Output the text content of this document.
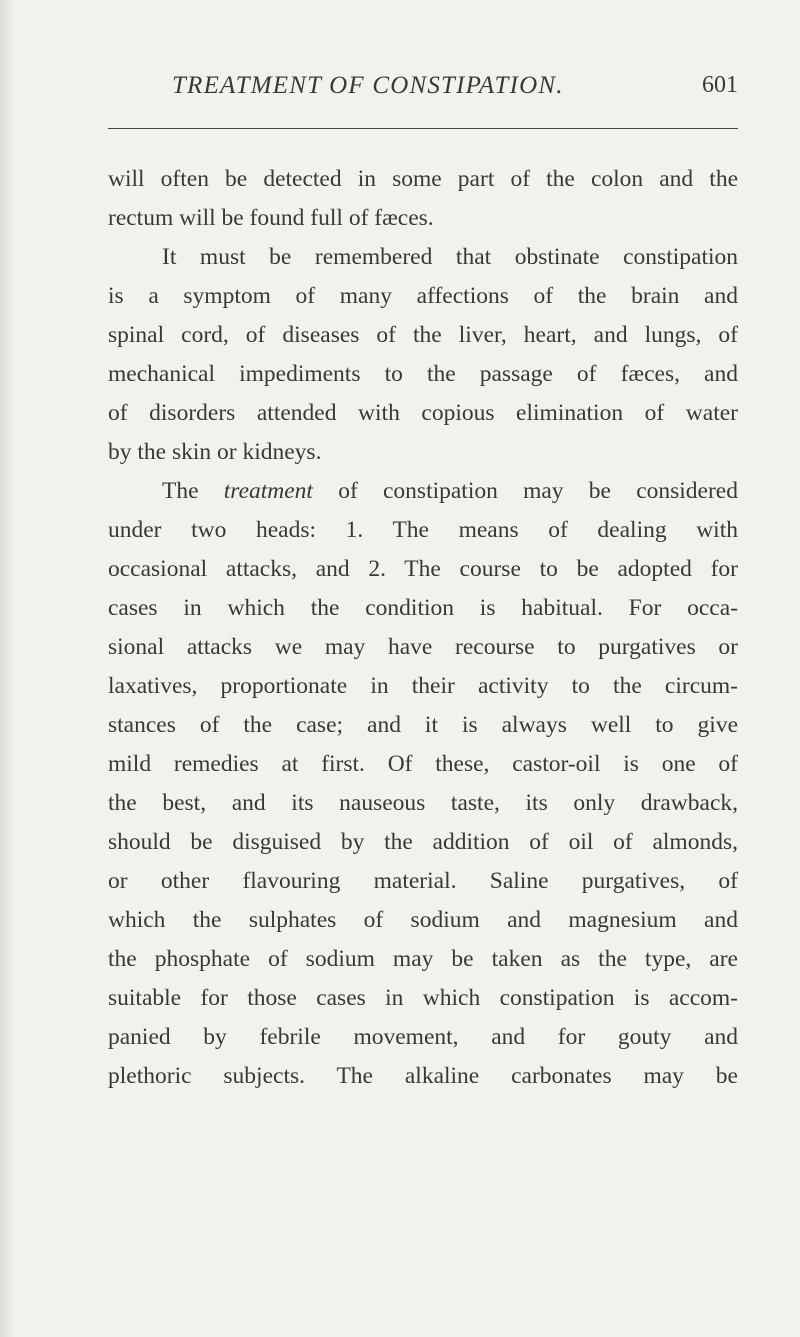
TREATMENT OF CONSTIPATION.	601
will often be detected in some part of the colon and the
rectum will be found full of fæces.
It must be remembered that obstinate constipation
is a symptom of many affections of the brain and
spinal cord, of diseases of the liver, heart, and lungs, of
mechanical impediments to the passage of fæces, and
of disorders attended with copious elimination of water
by the skin or kidneys.
The treatment of constipation may be considered
under two heads: 1. The means of dealing with
occasional attacks, and 2. The course to be adopted for
cases in which the condition is habitual. For occa-
sional attacks we may have recourse to purgatives or
laxatives, proportionate in their activity to the circum-
stances of the case; and it is always well to give
mild remedies at first. Of these, castor-oil is one of
the best, and its nauseous taste, its only drawback,
should be disguised by the addition of oil of almonds,
or other flavouring material. Saline purgatives, of
which the sulphates of sodium and magnesium and
the phosphate of sodium may be taken as the type, are
suitable for those cases in which constipation is accom-
panied by febrile movement, and for gouty and
plethoric subjects. The alkaline carbonates may be
